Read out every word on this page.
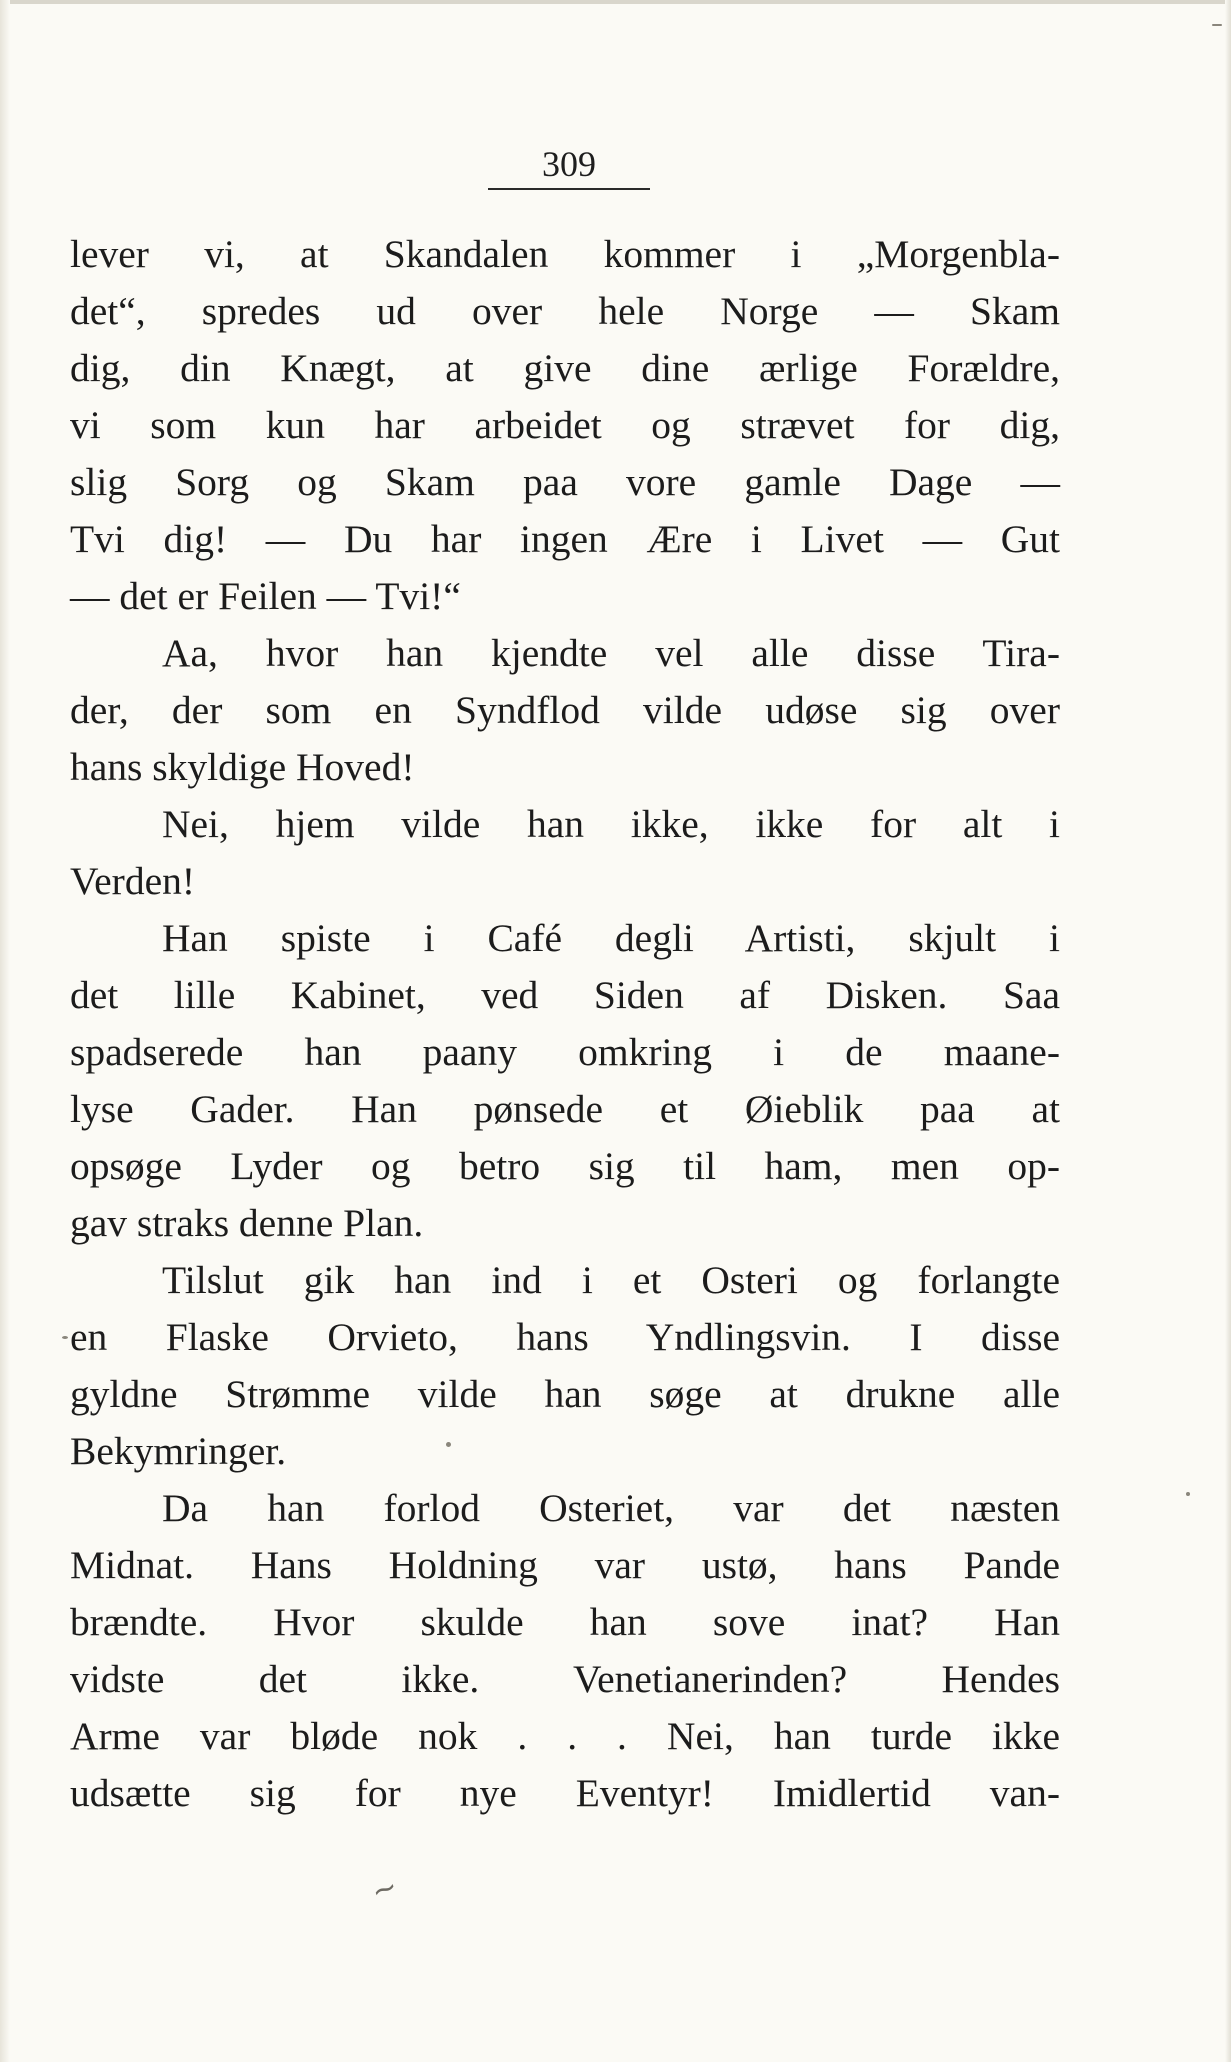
309
lever vi, at Skandalen kommer i „Morgenbla-
det“, spredes ud over hele Norge — Skam
dig, din Knægt, at give dine ærlige Forældre,
vi som kun har arbeidet og strævet for dig,
slig Sorg og Skam paa vore gamle Dage —
Tvi dig! — Du har ingen Ære i Livet — Gut
— det er Feilen — Tvi!“
Aa, hvor han kjendte vel alle disse Tira-
der, der som en Syndflod vilde udøse sig over
hans skyldige Hoved!
Nei, hjem vilde han ikke, ikke for alt i
Verden!
Han spiste i Café degli Artisti, skjult i
det lille Kabinet, ved Siden af Disken. Saa
spadserede han paany omkring i de maane-
lyse Gader. Han pønsede et Øieblik paa at
opsøge Lyder og betro sig til ham, men op-
gav straks denne Plan.
Tilslut gik han ind i et Osteri og forlangte
en Flaske Orvieto, hans Yndlingsvin. I disse
gyldne Strømme vilde han søge at drukne alle
Bekymringer.
Da han forlod Osteriet, var det næsten
Midnat. Hans Holdning var ustø, hans Pande
brændte. Hvor skulde han sove inat? Han
vidste det ikke. Venetianerinden? Hendes
Arme var bløde nok . . . Nei, han turde ikke
udsætte sig for nye Eventyr! Imidlertid van-
~
